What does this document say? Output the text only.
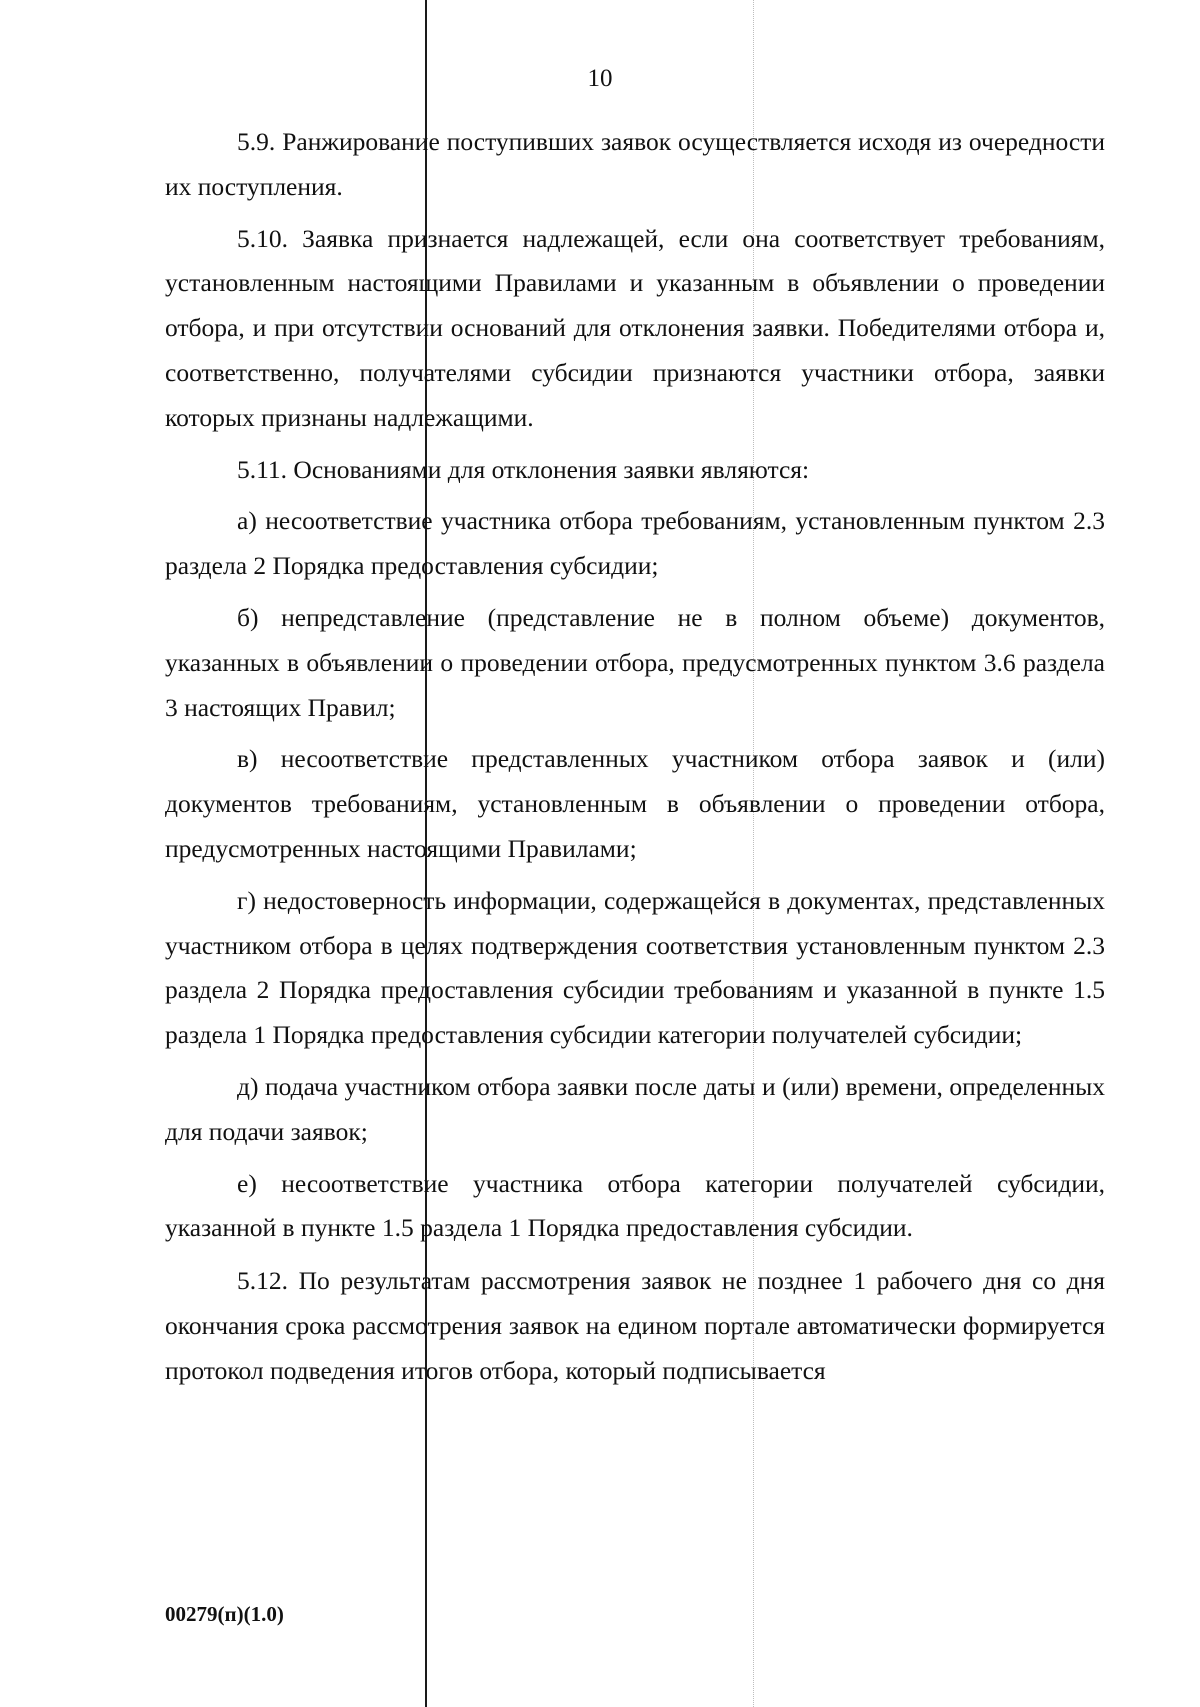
10

5.9. Ранжирование поступивших заявок осуществляется исходя из очередности их поступления.

5.10. Заявка признается надлежащей, если она соответствует требованиям, установленным настоящими Правилами и указанным в объявлении о проведении отбора, и при отсутствии оснований для отклонения заявки. Победителями отбора и, соответственно, получателями субсидии признаются участники отбора, заявки которых признаны надлежащими.

5.11. Основаниями для отклонения заявки являются:

а) несоответствие участника отбора требованиям, установленным пунктом 2.3 раздела 2 Порядка предоставления субсидии;

б) непредставление (представление не в полном объеме) документов, указанных в объявлении о проведении отбора, предусмотренных пунктом 3.6 раздела 3 настоящих Правил;

в) несоответствие представленных участником отбора заявок и (или) документов требованиям, установленным в объявлении о проведении отбора, предусмотренных настоящими Правилами;

г) недостоверность информации, содержащейся в документах, представленных участником отбора в целях подтверждения соответствия установленным пунктом 2.3 раздела 2 Порядка предоставления субсидии требованиям и указанной в пункте 1.5 раздела 1 Порядка предоставления субсидии категории получателей субсидии;

д) подача участником отбора заявки после даты и (или) времени, определенных для подачи заявок;

е) несоответствие участника отбора категории получателей субсидии, указанной в пункте 1.5 раздела 1 Порядка предоставления субсидии.

5.12. По результатам рассмотрения заявок не позднее 1 рабочего дня со дня окончания срока рассмотрения заявок на едином портале автоматически формируется протокол подведения итогов отбора, который подписывается

00279(п)(1.0)
